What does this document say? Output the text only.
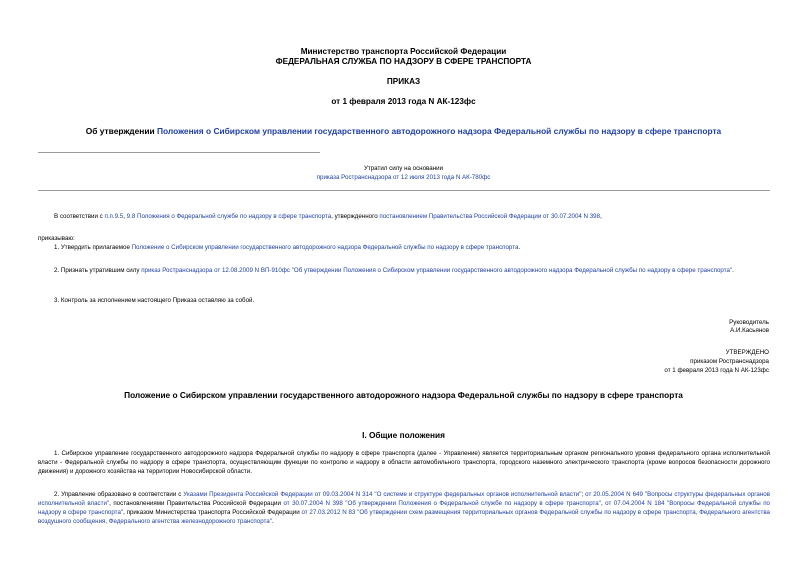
Министерство транспорта Российской Федерации
ФЕДЕРАЛЬНАЯ СЛУЖБА ПО НАДЗОРУ В СФЕРЕ ТРАНСПОРТА
ПРИКАЗ
от 1 февраля 2013 года N АК-123фс
Об утверждении Положения о Сибирском управлении государственного автодорожного надзора Федеральной службы по надзору в сфере транспорта
Утратил силу на основании
приказа Ространснадзора от 12 июля 2013 года N АК-780фс
В соответствии с п.п.9.5, 9.8 Положения о Федеральной службе по надзору в сфере транспорта, утвержденного постановлением Правительства Российской Федерации от 30.07.2004 N 398,
приказываю:
1. Утвердить прилагаемое Положение о Сибирском управлении государственного автодорожного надзора Федеральной службы по надзору в сфере транспорта.
2. Признать утратившим силу приказ Ространснадзора от 12.08.2009 N ВП-910фс "Об утверждении Положения о Сибирском управлении государственного автодорожного надзора Федеральной службы по надзору в сфере транспорта".
3. Контроль за исполнением настоящего Приказа оставляю за собой.
Руководитель
А.И.Касьянов
УТВЕРЖДЕНО
приказом Ространснадзора
от 1 февраля 2013 года N АК-123фс
Положение о Сибирском управлении государственного автодорожного надзора Федеральной службы по надзору в сфере транспорта
I. Общие положения
1. Сибирское управление государственного автодорожного надзора Федеральной службы по надзору в сфере транспорта (далее - Управление) является территориальным органом регионального уровня федерального органа исполнительной власти - Федеральной службы по надзору в сфере транспорта, осуществляющим функции по контролю и надзору в области автомобильного транспорта, городского наземного электрического транспорта (кроме вопросов безопасности дорожного движения) и дорожного хозяйства на территории Новосибирской области.
2. Управление образовано в соответствии с Указами Президента Российской Федерации от 09.03.2004 N 314 "О системе и структуре федеральных органов исполнительной власти"; от 20.05.2004 N 649 "Вопросы структуры федеральных органов исполнительной власти", постановлениями Правительства Российской Федерации от 30.07.2004 N 398 "Об утверждении Положения о Федеральной службе по надзору в сфере транспорта", от 07.04.2004 N 184 "Вопросы Федеральной службы по надзору в сфере транспорта", приказом Министерства транспорта Российской Федерации от 27.03.2012 N 83 "Об утверждении схем размещения территориальных органов Федеральной службы по надзору в сфере транспорта, Федерального агентства воздушного сообщения, Федерального агентства железнодорожного транспорта".
